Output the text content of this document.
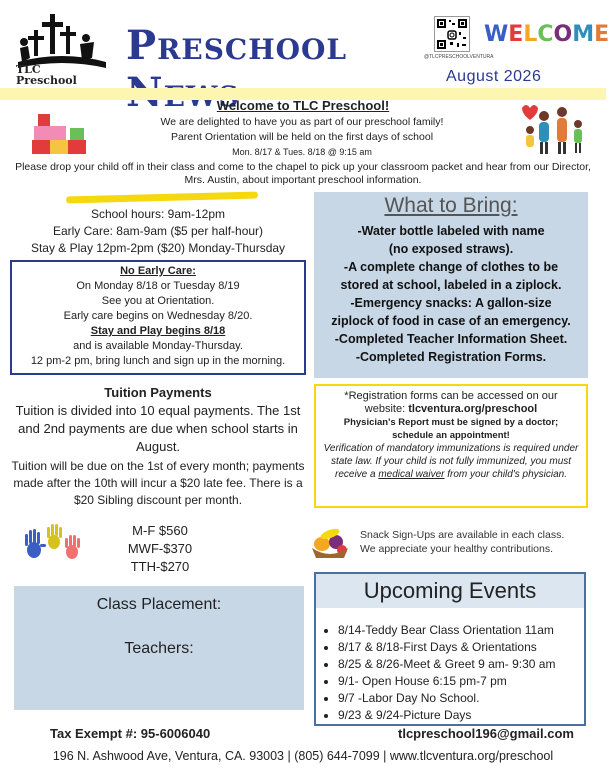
TLC
Preschool
Preschool	@TLCPRESCHOOLVENTURA
WELCOME
August 2026
Welcome to TLC Preschool!
We are delighted to have you as part of our preschool family!
Parent Orientation will be held on the first days of school
Mon. 8/17 & Tues. 8/18 @ 9:15 am
Please drop your child off in their class and come to the chapel to pick up your classroom packet and hear from our Director, Mrs. Austin, about important preschool information.
School hours: 9am-12pm
Early Care: 8am-9am ($5 per half-hour)
Stay & Play 12pm-2pm ($20) Monday-Thursday
No Early Care:
On Monday 8/18 or Tuesday 8/19
See you at Orientation.
Early care begins on Wednesday 8/20.
Stay and Play begins 8/18
and is available Monday-Thursday.
12 pm-2 pm, bring lunch and sign up in the morning.
What to Bring:
-Water bottle labeled with name
(no exposed straws).
-A complete change of clothes to be
stored at school, labeled in a ziplock.
-Emergency snacks: A gallon-size
ziplock of food in case of an emergency.
-Completed Teacher Information Sheet.
-Completed Registration Forms.
Tuition Payments

Tuition is divided into 10 equal payments. The 1st and 2nd payments are due when school starts in August.

Tuition will be due on the 1st of every month; payments made after the 10th will incur a $20 late fee. There is a $20 Sibling discount per month.

M-F $560
MWF-$370
TTH-$270
*Registration forms can be accessed on our
website: tlcventura.org/preschool
Physician's Report must be signed by a doctor; schedule an appointment!
Verification of mandatory immunizations is required under state law. If your child is not fully immunized, you must receive a medical waiver from your child's physician.
Snack Sign-Ups are available in each class.
We appreciate your healthy contributions.
Class Placement:
Teachers:
Upcoming Events
• 8/14-Teddy Bear Class Orientation 11am
• 8/17 & 8/18-First Days & Orientations
• 8/25 & 8/26-Meet & Greet 9 am- 9:30 am
• 9/1- Open House 6:15 pm-7 pm
• 9/7 -Labor Day No School.
• 9/23 & 9/24-Picture Days
Tax Exempt #: 95-6006040	tlcpreschool196@gmail.com
196 N. Ashwood Ave, Ventura, CA. 93003 | (805) 644-7099 | www.tlcventura.org/preschool
